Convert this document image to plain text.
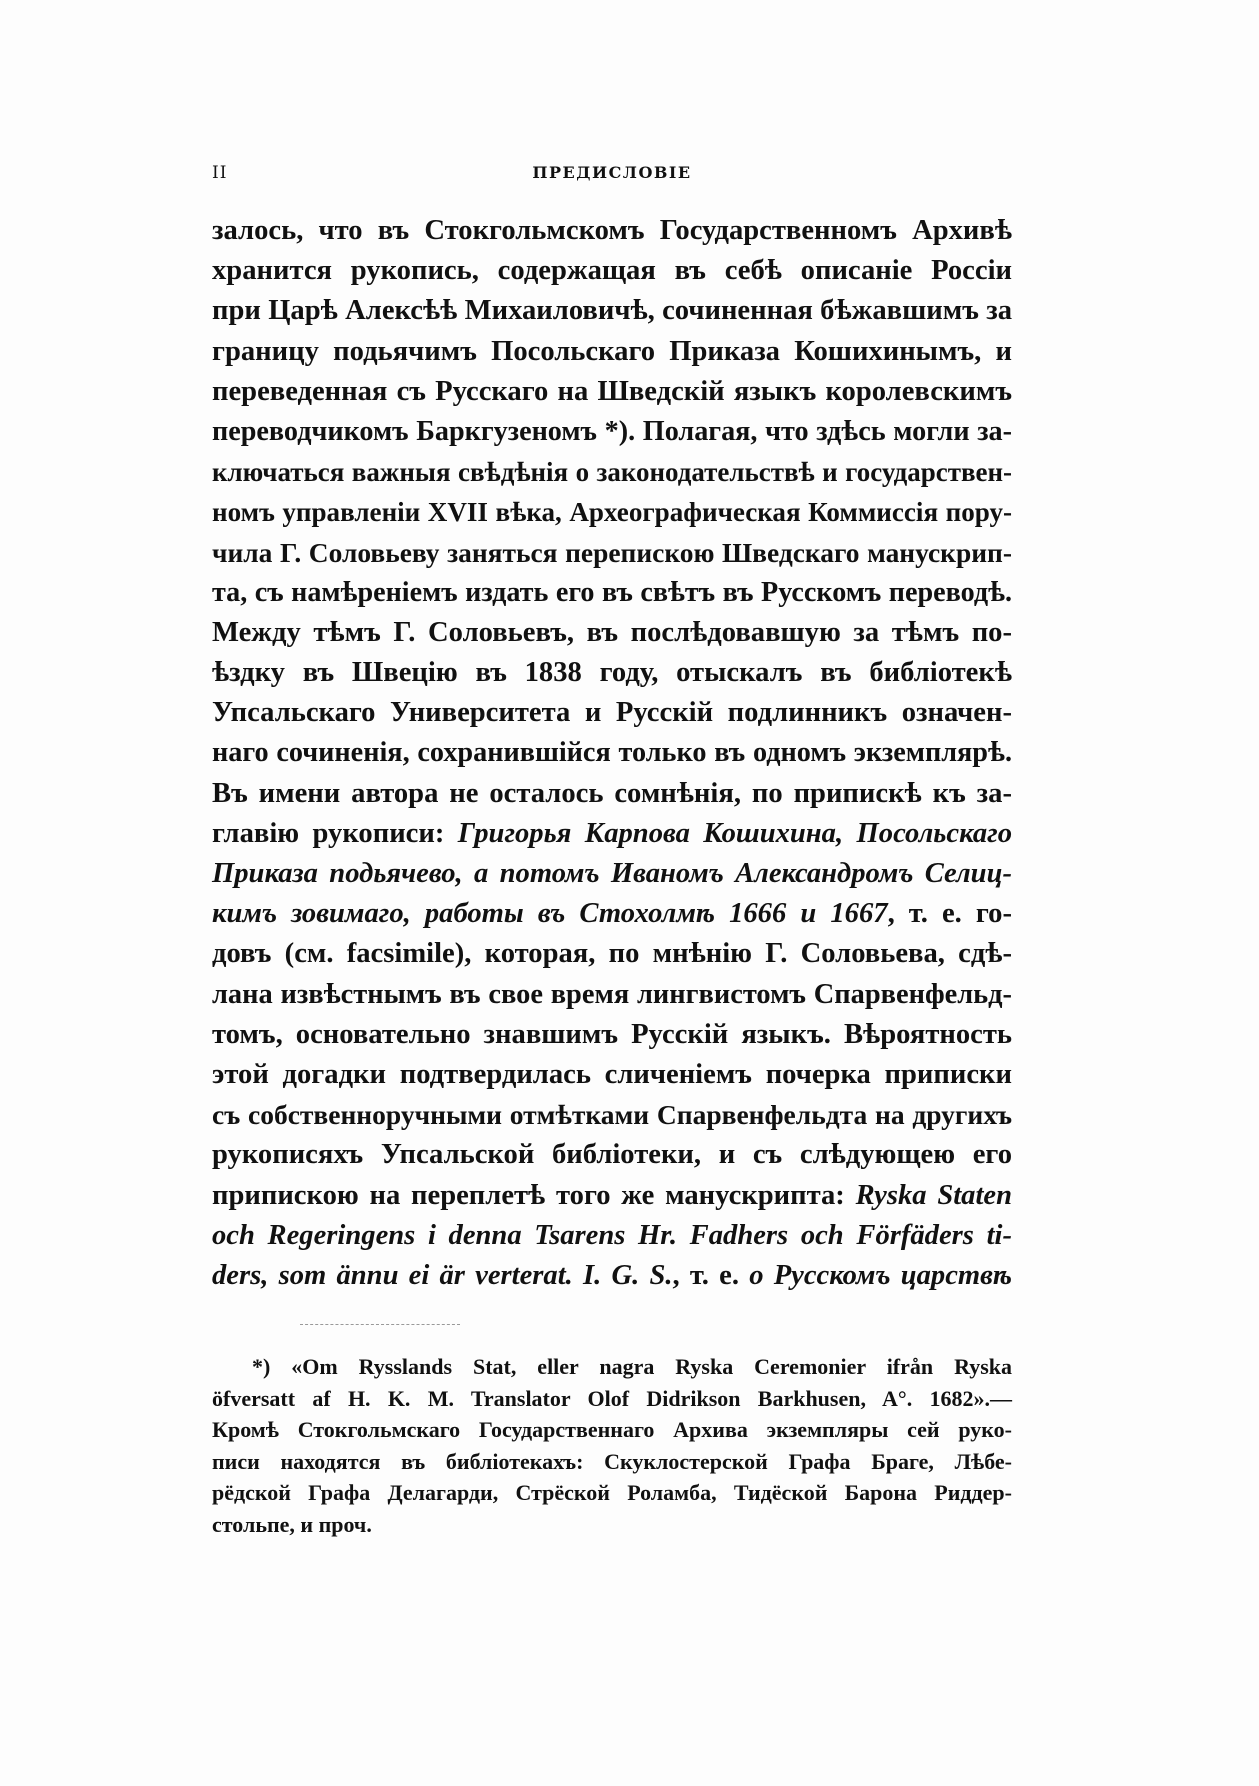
II	ПРЕДИСЛОВІЕ
залось, что въ Стокгольмскомъ Государственномъ Архивѣ
хранится рукопись, содержащая въ себѣ описаніе Россіи
при Царѣ Алексѣѣ Михаиловичѣ, сочиненная бѣжавшимъ за
границу подьячимъ Посольскаго Приказа Кошихинымъ, и
переведенная съ Русскаго на Шведскій языкъ королевскимъ
переводчикомъ Баркгузеномъ *). Полагая, что здѣсь могли за-
ключаться важныя свѣдѣнія о законодательствѣ и государствен-
номъ управленіи XVII вѣка, Археографическая Коммиссія пору-
чила Г. Соловьеву заняться перепискою Шведскаго манускрип-
та, съ намѣреніемъ издать его въ свѣтъ въ Русскомъ переводѣ.
Между тѣмъ Г. Соловьевъ, въ послѣдовавшую за тѣмъ по-
ѣздку въ Швецію въ 1838 году, отыскалъ въ библіотекѣ
Упсальскаго Университета и Русскій подлинникъ означен-
наго сочиненія, сохранившійся только въ одномъ экземплярѣ.
Въ имени автора не осталось сомнѣнія, по припискѣ къ за-
главію рукописи: Григорья Карпова Кошихина, Посольскаго
Приказа подьячево, а потомъ Иваномъ Александромъ Селиц-
кимъ зовимаго, работы въ Стохолмѣ 1666 и 1667, т. е. го-
довъ (см. facsimile), которая, по мнѣнію Г. Соловьева, сдѣ-
лана извѣстнымъ въ свое время лингвистомъ Спарвенфельд-
томъ, основательно знавшимъ Русскій языкъ. Вѣроятность
этой догадки подтвердилась сличеніемъ почерка приписки
съ собственноручными отмѣтками Спарвенфельдта на другихъ
рукописяхъ Упсальской библіотеки, и съ слѣдующею его
припискою на переплетѣ того же манускрипта: Ryska Staten
och Regeringens i denna Tsarens Hr. Fadhers och Förfäders ti-
ders, som ännu ei är verterat. I. G. S., т. е. о Русскомъ царствѣ
*) «Om Rysslands Stat, eller nagra Ryska Ceremonier ifrån Ryska
öfversatt af H. K. M. Translator Olof Didrikson Barkhusen, A°. 1682».—
Кромѣ Стокгольмскаго Государственнаго Архива экземпляры сей руко-
писи находятся въ библіотекахъ: Скуклостерской Графа Браге, Лѣбе-
рёдской Графа Делагарди, Стрёской Роламба, Тидёской Барона Риддер-
стольпе, и проч.
